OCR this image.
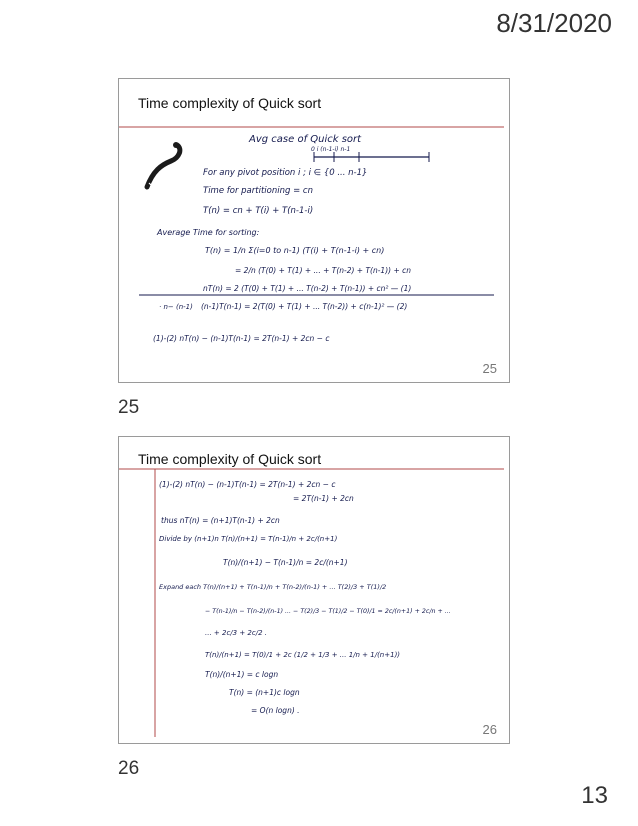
8/31/2020
Time complexity of Quick sort
Avg case of Quick sort
0 i (n-1-i) n-1
For any pivot position i ; i ∈ {0 ... n-1}
Time for partitioning = cn
T(n) = cn + T(i) + T(n-1-i)
Average Time for sorting:
T(n) = 1/n Σ(i=0 to n-1) (T(i) + T(n-1-i) + cn)
= 2/n (T(0) + T(1) + ... + T(n-2) + T(n-1)) + cn
nT(n) = 2 (T(0) + T(1) + ... T(n-2) + T(n-1)) + cn² — (1)
(n-1)T(n-1) = 2(T(0) + T(1) + ... T(n-2)) + c(n-1)² — (2)
· n− (n-1)
(1)-(2) nT(n) − (n-1)T(n-1) = 2T(n-1) + 2cn − c
25
25
Time complexity of Quick sort
(1)-(2) nT(n) − (n-1)T(n-1) = 2T(n-1) + 2cn − c
= 2T(n-1) + 2cn
thus nT(n) = (n+1)T(n-1) + 2cn
Divide by (n+1)n T(n)/(n+1) = T(n-1)/n + 2c/(n+1)
T(n)/(n+1) − T(n-1)/n = 2c/(n+1)
Expand each T(n)/(n+1) + T(n-1)/n + T(n-2)/(n-1) + ... T(2)/3 + T(1)/2
− T(n-1)/n − T(n-2)/(n-1) ... − T(2)/3 − T(1)/2 − T(0)/1 = 2c/(n+1) + 2c/n + ...
... + 2c/3 + 2c/2 .
T(n)/(n+1) = T(0)/1 + 2c (1/2 + 1/3 + ... 1/n + 1/(n+1))
T(n)/(n+1) = c logn
T(n) = (n+1)c logn
= O(n logn) .
26
26
13
